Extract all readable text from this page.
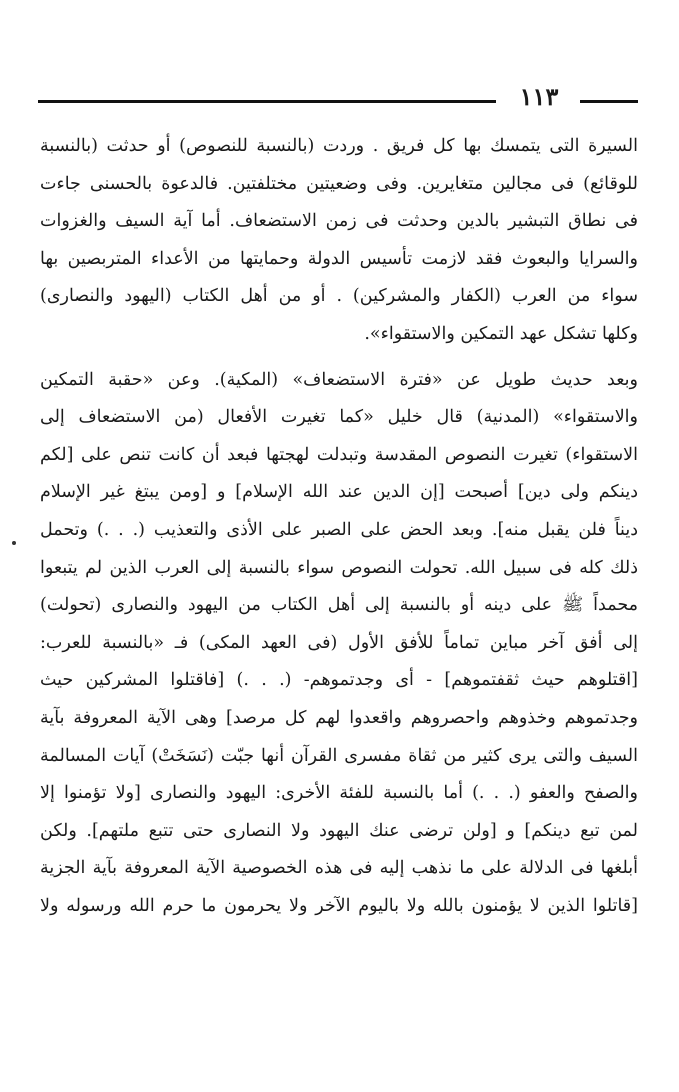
١١٣
السيرة التى يتمسك بها كل فريق . وردت (بالنسبة للنصوص) أو حدثت (بالنسبة
للوقائع) فى مجالين متغايرين. وفى وضعيتين مختلفتين. فالدعوة بالحسنى جاءت
فى نطاق التبشير بالدين وحدثت فى زمن الاستضعاف. أما آية السيف والغزوات
والسرايا والبعوث فقد لازمت تأسيس الدولة وحمايتها من الأعداء المتربصين بها
سواء من العرب (الكفار والمشركين) . أو من أهل الكتاب (اليهود والنصارى)
وكلها تشكل عهد التمكين والاستقواء».
وبعد حديث طويل عن «فترة الاستضعاف» (المكية). وعن «حقبة التمكين
والاستقواء» (المدنية) قال خليل «كما تغيرت الأفعال (من الاستضعاف إلى
الاستقواء) تغيرت النصوص المقدسة وتبدلت لهجتها فبعد أن كانت تنص على [لكم
دينكم ولى دين] أصبحت [إن الدين عند الله الإسلام] و [ومن يبتغ غير الإسلام
ديناً فلن يقبل منه]. وبعد الحض على الصبر على الأذى والتعذيب (. . .) وتحمل
ذلك كله فى سبيل الله. تحولت النصوص سواء بالنسبة إلى العرب الذين لم يتبعوا
محمداً ﷺ على دينه أو بالنسبة إلى أهل الكتاب من اليهود والنصارى (تحولت)
إلى أفق آخر مباين تماماً للأفق الأول (فى العهد المكى) فـ «بالنسبة للعرب:
[اقتلوهم حيث ثقفتموهم] - أى وجدتموهم- (. . .) [فاقتلوا المشركين حيث
وجدتموهم وخذوهم واحصروهم واقعدوا لهم كل مرصد] وهى الآية المعروفة بآية
السيف والتى يرى كثير من ثقاة مفسرى القرآن أنها جبّت (نَسَخَتْ) آيات المسالمة
والصفح والعفو (. . .) أما بالنسبة للفئة الأخرى: اليهود والنصارى [ولا تؤمنوا إلا
لمن تبع دينكم] و [ولن ترضى عنك اليهود ولا النصارى حتى تتبع ملتهم]. ولكن
أبلغها فى الدلالة على ما نذهب إليه فى هذه الخصوصية الآية المعروفة بآية الجزية
[قاتلوا الذين لا يؤمنون بالله ولا باليوم الآخر ولا يحرمون ما حرم الله ورسوله ولا
